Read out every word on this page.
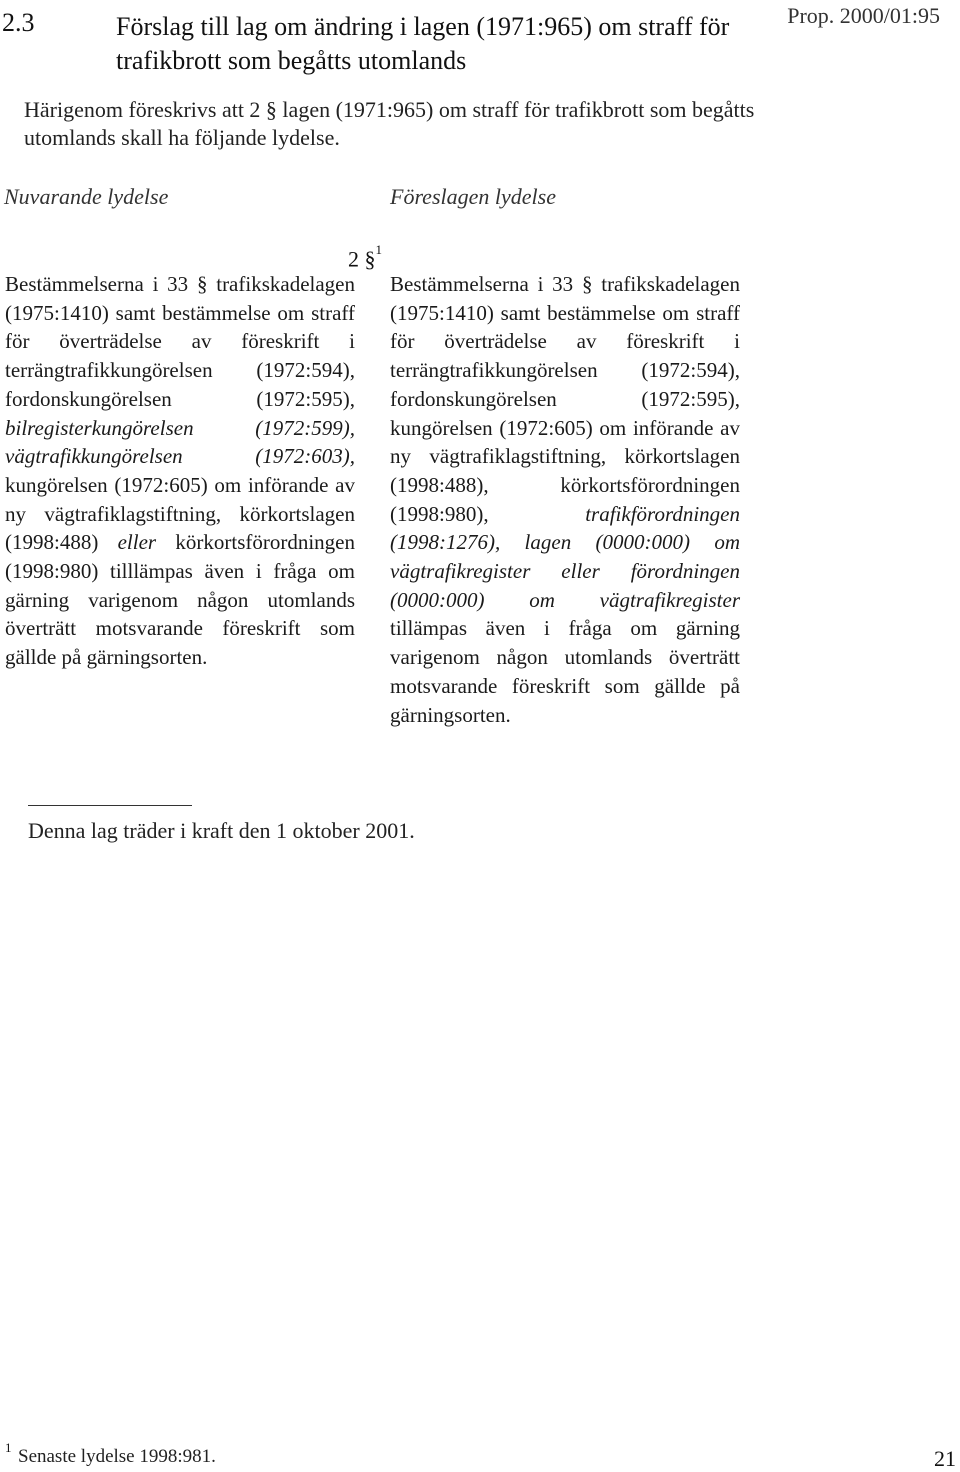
2.3	Förslag till lag om ändring i lagen (1971:965) om straff för trafikbrott som begåtts utomlands
Prop. 2000/01:95
Härigenom föreskrivs att 2 § lagen (1971:965) om straff för trafikbrott som begåtts utomlands skall ha följande lydelse.
Nuvarande lydelse	Föreslagen lydelse
2 §$^1$
Bestämmelserna i 33 § trafikskadelagen (1975:1410) samt bestämmelse om straff för överträdelse av föreskrift i terrängtrafikkungörelsen (1972:594), fordonskungörelsen (1972:595), bilregisterkungörelsen (1972:599), vägtrafikkungörelsen (1972:603), kungörelsen (1972:605) om införande av ny vägtrafiklagstiftning, körkortslagen (1998:488) eller körkortsförordningen (1998:980) tilllämpas även i fråga om gärning varigenom någon utomlands överträtt motsvarande föreskrift som gällde på gärningsorten.
Bestämmelserna i 33 § trafikskadelagen (1975:1410) samt bestämmelse om straff för överträdelse av föreskrift i terrängtrafikkungörelsen (1972:594), fordonskungörelsen (1972:595), kungörelsen (1972:605) om införande av ny vägtrafiklagstiftning, körkortslagen (1998:488), körkortsförordningen (1998:980), trafikförordningen (1998:1276), lagen (0000:000) om vägtrafikregister eller förordningen (0000:000) om vägtrafikregister tillämpas även i fråga om gärning varigenom någon utomlands överträtt motsvarande föreskrift som gällde på gärningsorten.
Denna lag träder i kraft den 1 oktober 2001.
1 Senaste lydelse 1998:981.	21
